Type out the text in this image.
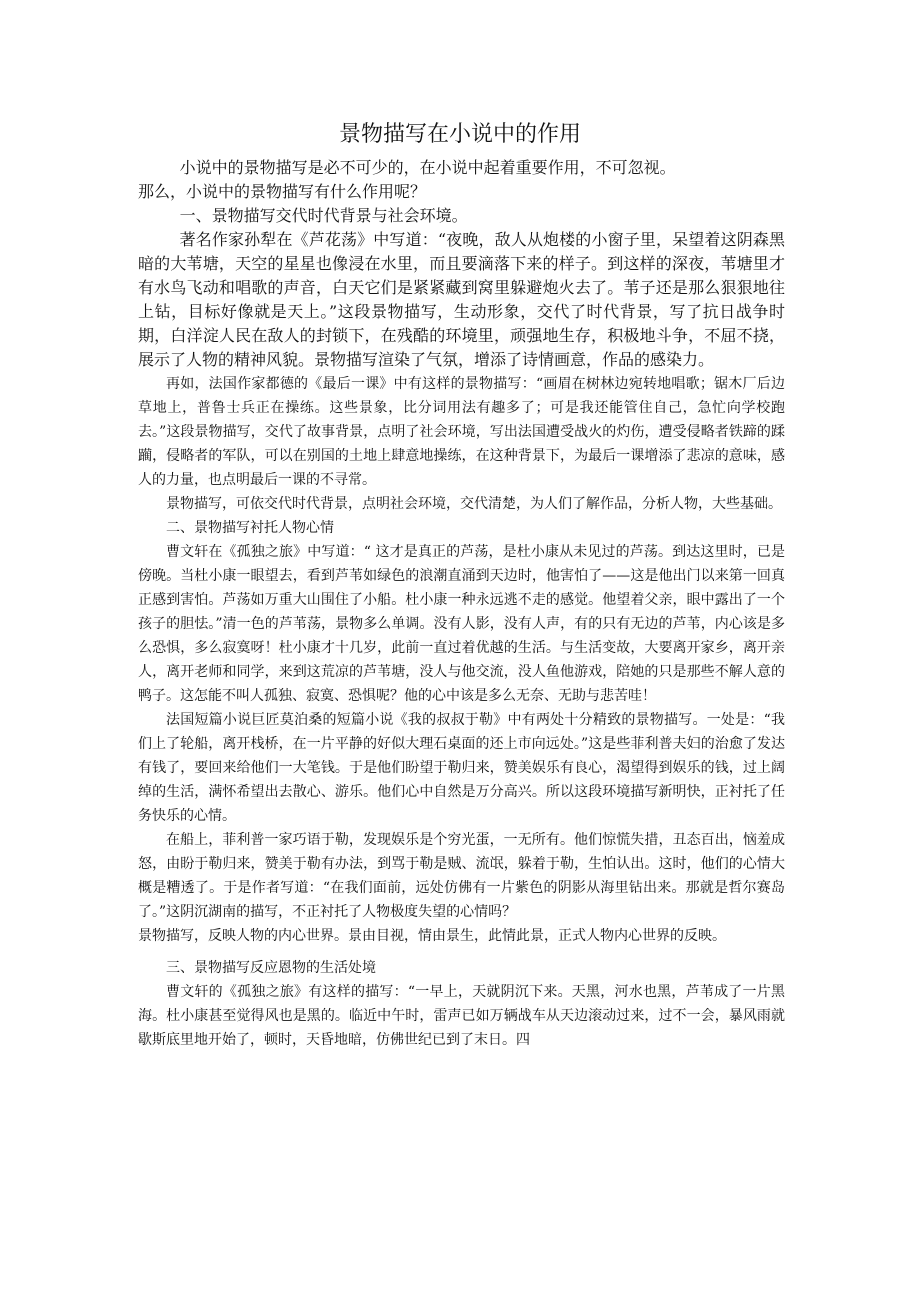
景物描写在小说中的作用

小说中的景物描写是必不可少的，在小说中起着重要作用，不可忽视。

那么，小说中的景物描写有什么作用呢？

一、景物描写交代时代背景与社会环境。

著名作家孙犁在《芦花荡》中写道：“夜晚，敌人从炮楼的小窗子里，呆望着这阴森黑暗的大苇塘，天空的星星也像浸在水里，而且要滴落下来的样子。到这样的深夜，苇塘里才有水鸟飞动和唱歌的声音，白天它们是紧紧藏到窝里躲避炮火去了。苇子还是那么狠狠地往上钻，目标好像就是天上。”这段景物描写，生动形象，交代了时代背景，写了抗日战争时期，白洋淀人民在敌人的封锁下，在残酷的环境里，顽强地生存，积极地斗争，不屈不挠，展示了人物的精神风貌。景物描写渲染了气氛，增添了诗情画意，作品的感染力。

再如，法国作家都德的《最后一课》中有这样的景物描写：“画眉在树林边宛转地唱歌；锯木厂后边草地上，普鲁士兵正在操练。这些景象，比分词用法有趣多了；可是我还能管住自己，急忙向学校跑去。”这段景物描写，交代了故事背景，点明了社会环境，写出法国遭受战火的灼伤，遭受侵略者铁蹄的蹂躏，侵略者的军队，可以在别国的土地上肆意地操练，在这种背景下，为最后一课增添了悲凉的意味，感人的力量，也点明最后一课的不寻常。

景物描写，可依交代时代背景，点明社会环境，交代清楚，为人们了解作品，分析人物，大些基础。

二、景物描写衬托人物心情

曹文轩在《孤独之旅》中写道：“ 这才是真正的芦荡，是杜小康从未见过的芦荡。到达这里时，已是傍晚。当杜小康一眼望去，看到芦苇如绿色的浪潮直涌到天边时，他害怕了——这是他出门以来第一回真正感到害怕。芦荡如万重大山围住了小船。杜小康一种永远逃不走的感觉。他望着父亲，眼中露出了一个孩子的胆怯。”清一色的芦苇荡，景物多么单调。没有人影，没有人声，有的只有无边的芦苇，内心该是多么恐惧，多么寂寞呀！杜小康才十几岁，此前一直过着优越的生活。与生活变故，大要离开家乡，离开亲人，离开老师和同学，来到这荒凉的芦苇塘，没人与他交流，没人鱼他游戏，陪她的只是那些不解人意的鸭子。这怎能不叫人孤独、寂寞、恐惧呢？他的心中该是多么无奈、无助与悲苦哇！

法国短篇小说巨匠莫泊桑的短篇小说《我的叔叔于勒》中有两处十分精致的景物描写。一处是：“我们上了轮船，离开栈桥，在一片平静的好似大理石桌面的还上市向远处。”这是些菲利普夫妇的治愈了发达有钱了，要回来给他们一大笔钱。于是他们盼望于勒归来，赞美娱乐有良心，渴望得到娱乐的钱，过上阔绰的生活，满怀希望出去散心、游乐。他们心中自然是万分高兴。所以这段环境描写新明快，正衬托了任务快乐的心情。

在船上，菲利普一家巧语于勒，发现娱乐是个穷光蛋，一无所有。他们惊慌失措，丑态百出，恼羞成怒，由盼于勒归来，赞美于勒有办法，到骂于勒是贼、流氓，躲着于勒，生怕认出。这时，他们的心情大概是糟透了。于是作者写道：“在我们面前，远处仿佛有一片紫色的阴影从海里钻出来。那就是哲尔赛岛了。”这阴沉湖南的描写，不正衬托了人物极度失望的心情吗？

景物描写，反映人物的内心世界。景由目视，情由景生，此情此景，正式人物内心世界的反映。

三、景物描写反应恩物的生活处境

曹文轩的《孤独之旅》有这样的描写：“一早上，天就阴沉下来。天黑，河水也黑，芦苇成了一片黑海。杜小康甚至觉得风也是黑的。临近中午时，雷声已如万辆战车从天边滚动过来，过不一会，暴风雨就歇斯底里地开始了，顿时，天昏地暗，仿佛世纪已到了末日。四
